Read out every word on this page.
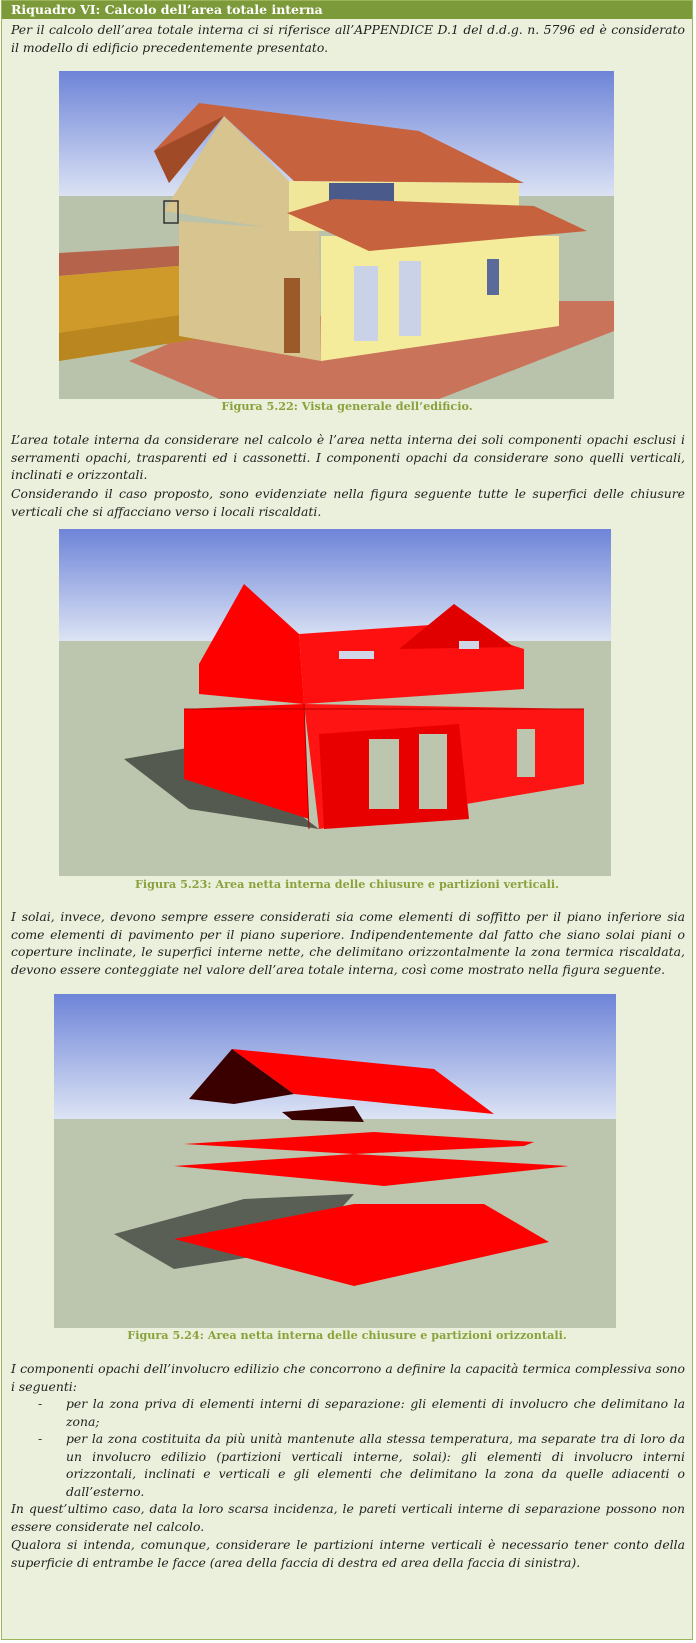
Riquadro VI: Calcolo dell’area totale interna
Per il calcolo dell’area totale interna ci si riferisce all’APPENDICE D.1 del d.d.g. n. 5796 ed è considerato il modello di edificio precedentemente presentato.
Figura 5.22: Vista generale dell’edificio.
L’area totale interna da considerare nel calcolo è l’area netta interna dei soli componenti opachi esclusi i serramenti opachi, trasparenti ed i cassonetti. I componenti opachi da considerare sono quelli verticali, inclinati e orizzontali.
Considerando il caso proposto, sono evidenziate nella figura seguente tutte le superfici delle chiusure verticali che si affacciano verso i locali riscaldati.
Figura 5.23: Area netta interna delle chiusure e partizioni verticali.
I solai, invece, devono sempre essere considerati sia come elementi di soffitto per il piano inferiore sia come elementi di pavimento per il piano superiore. Indipendentemente dal fatto che siano solai piani o coperture inclinate, le superfici interne nette, che delimitano orizzontalmente la zona termica riscaldata, devono essere conteggiate nel valore dell’area totale interna, così come mostrato nella figura seguente.
Figura 5.24: Area netta interna delle chiusure e partizioni orizzontali.
I componenti opachi dell’involucro edilizio che concorrono a definire la capacità termica complessiva sono i seguenti:
- per la zona priva di elementi interni di separazione: gli elementi di involucro che delimitano la zona;
- per la zona costituita da più unità mantenute alla stessa temperatura, ma separate tra di loro da un involucro edilizio (partizioni verticali interne, solai): gli elementi di involucro interni orizzontali, inclinati e verticali e gli elementi che delimitano la zona da quelle adiacenti o dall’esterno.
In quest’ultimo caso, data la loro scarsa incidenza, le pareti verticali interne di separazione possono non essere considerate nel calcolo.
Qualora si intenda, comunque, considerare le partizioni interne verticali è necessario tener conto della superficie di entrambe le facce (area della faccia di destra ed area della faccia di sinistra).
